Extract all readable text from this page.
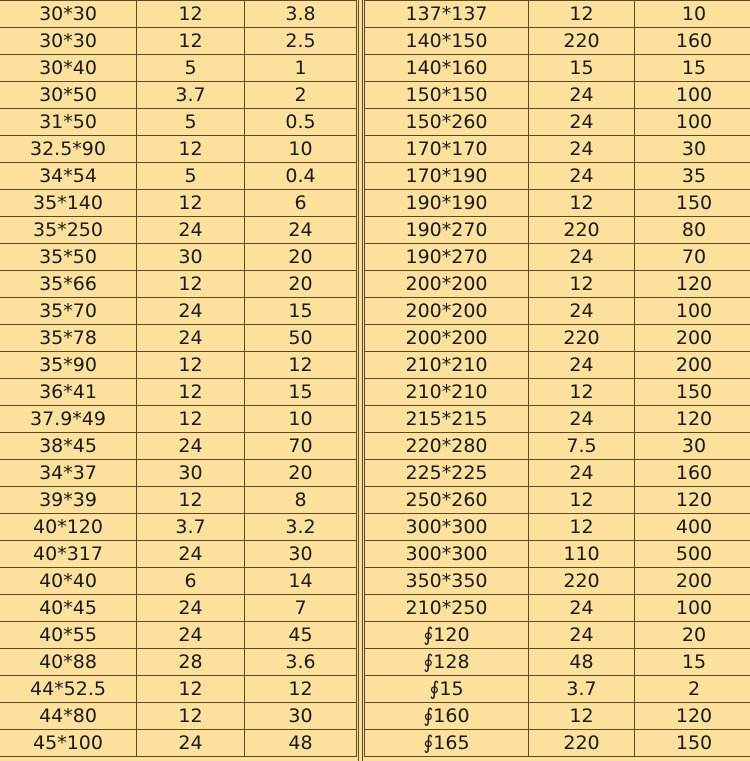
30*30	12	3.8
30*30	12	2.5
30*40	5	1
30*50	3.7	2
31*50	5	0.5
32.5*90	12	10
34*54	5	0.4
35*140	12	6
35*250	24	24
35*50	30	20
35*66	12	20
35*70	24	15
35*78	24	50
35*90	12	12
36*41	12	15
37.9*49	12	10
38*45	24	70
34*37	30	20
39*39	12	8
40*120	3.7	3.2
40*317	24	30
40*40	6	14
40*45	24	7
40*55	24	45
40*88	28	3.6
44*52.5	12	12
44*80	12	30
45*100	24	48
137*137	12	10
140*150	220	160
140*160	15	15
150*150	24	100
150*260	24	100
170*170	24	30
170*190	24	35
190*190	12	150
190*270	220	80
190*270	24	70
200*200	12	120
200*200	24	100
200*200	220	200
210*210	24	200
210*210	12	150
215*215	24	120
220*280	7.5	30
225*225	24	160
250*260	12	120
300*300	12	400
300*300	110	500
350*350	220	200
210*250	24	100
∮120	24	20
∮128	48	15
∮15	3.7	2
∮160	12	120
∮165	220	150
